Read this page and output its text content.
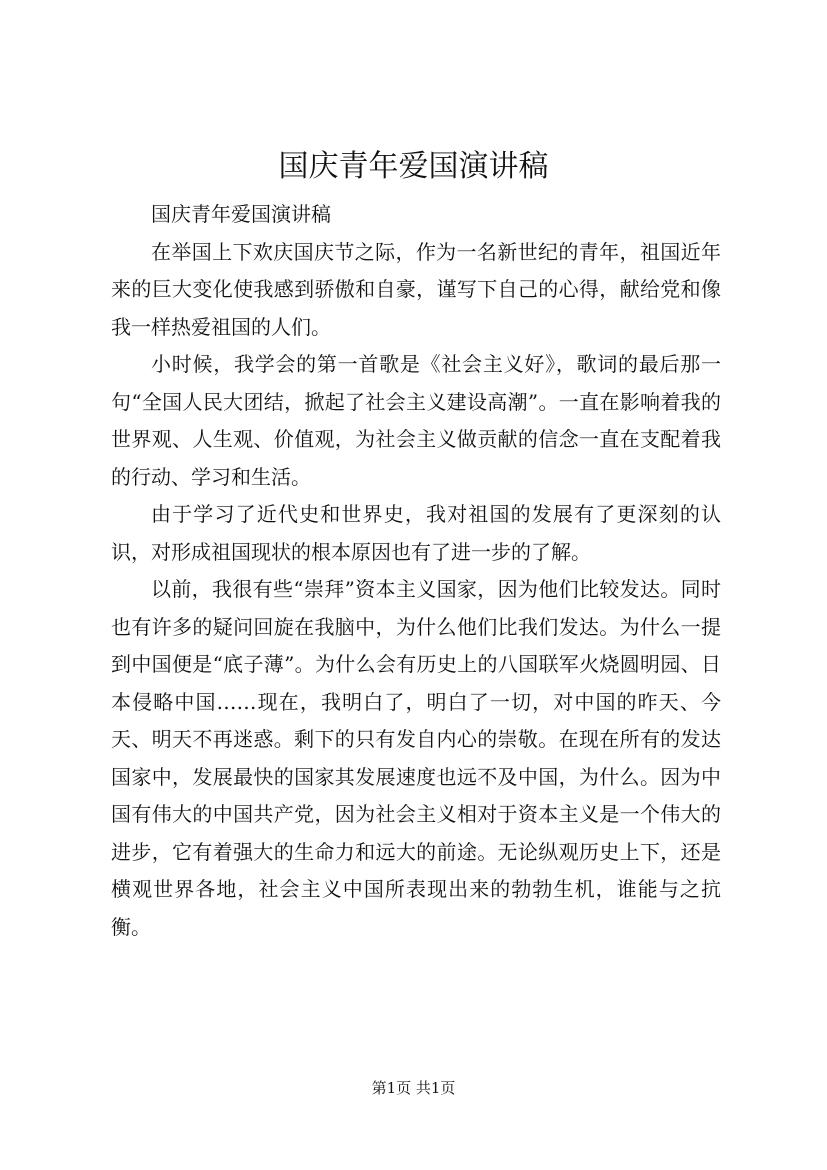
国庆青年爱国演讲稿

国庆青年爱国演讲稿

在举国上下欢庆国庆节之际，作为一名新世纪的青年，祖国近年来的巨大变化使我感到骄傲和自豪，谨写下自己的心得，献给党和像我一样热爱祖国的人们。

小时候，我学会的第一首歌是《社会主义好》，歌词的最后那一句“全国人民大团结，掀起了社会主义建设高潮”。一直在影响着我的世界观、人生观、价值观，为社会主义做贡献的信念一直在支配着我的行动、学习和生活。

由于学习了近代史和世界史，我对祖国的发展有了更深刻的认识，对形成祖国现状的根本原因也有了进一步的了解。

以前，我很有些“崇拜”资本主义国家，因为他们比较发达。同时也有许多的疑问回旋在我脑中，为什么他们比我们发达。为什么一提到中国便是“底子薄”。为什么会有历史上的八国联军火烧圆明园、日本侵略中国……现在，我明白了，明白了一切，对中国的昨天、今天、明天不再迷惑。剩下的只有发自内心的崇敬。在现在所有的发达国家中，发展最快的国家其发展速度也远不及中国，为什么。因为中国有伟大的中国共产党，因为社会主义相对于资本主义是一个伟大的进步，它有着强大的生命力和远大的前途。无论纵观历史上下，还是横观世界各地，社会主义中国所表现出来的勃勃生机，谁能与之抗衡。

第1页 共1页
